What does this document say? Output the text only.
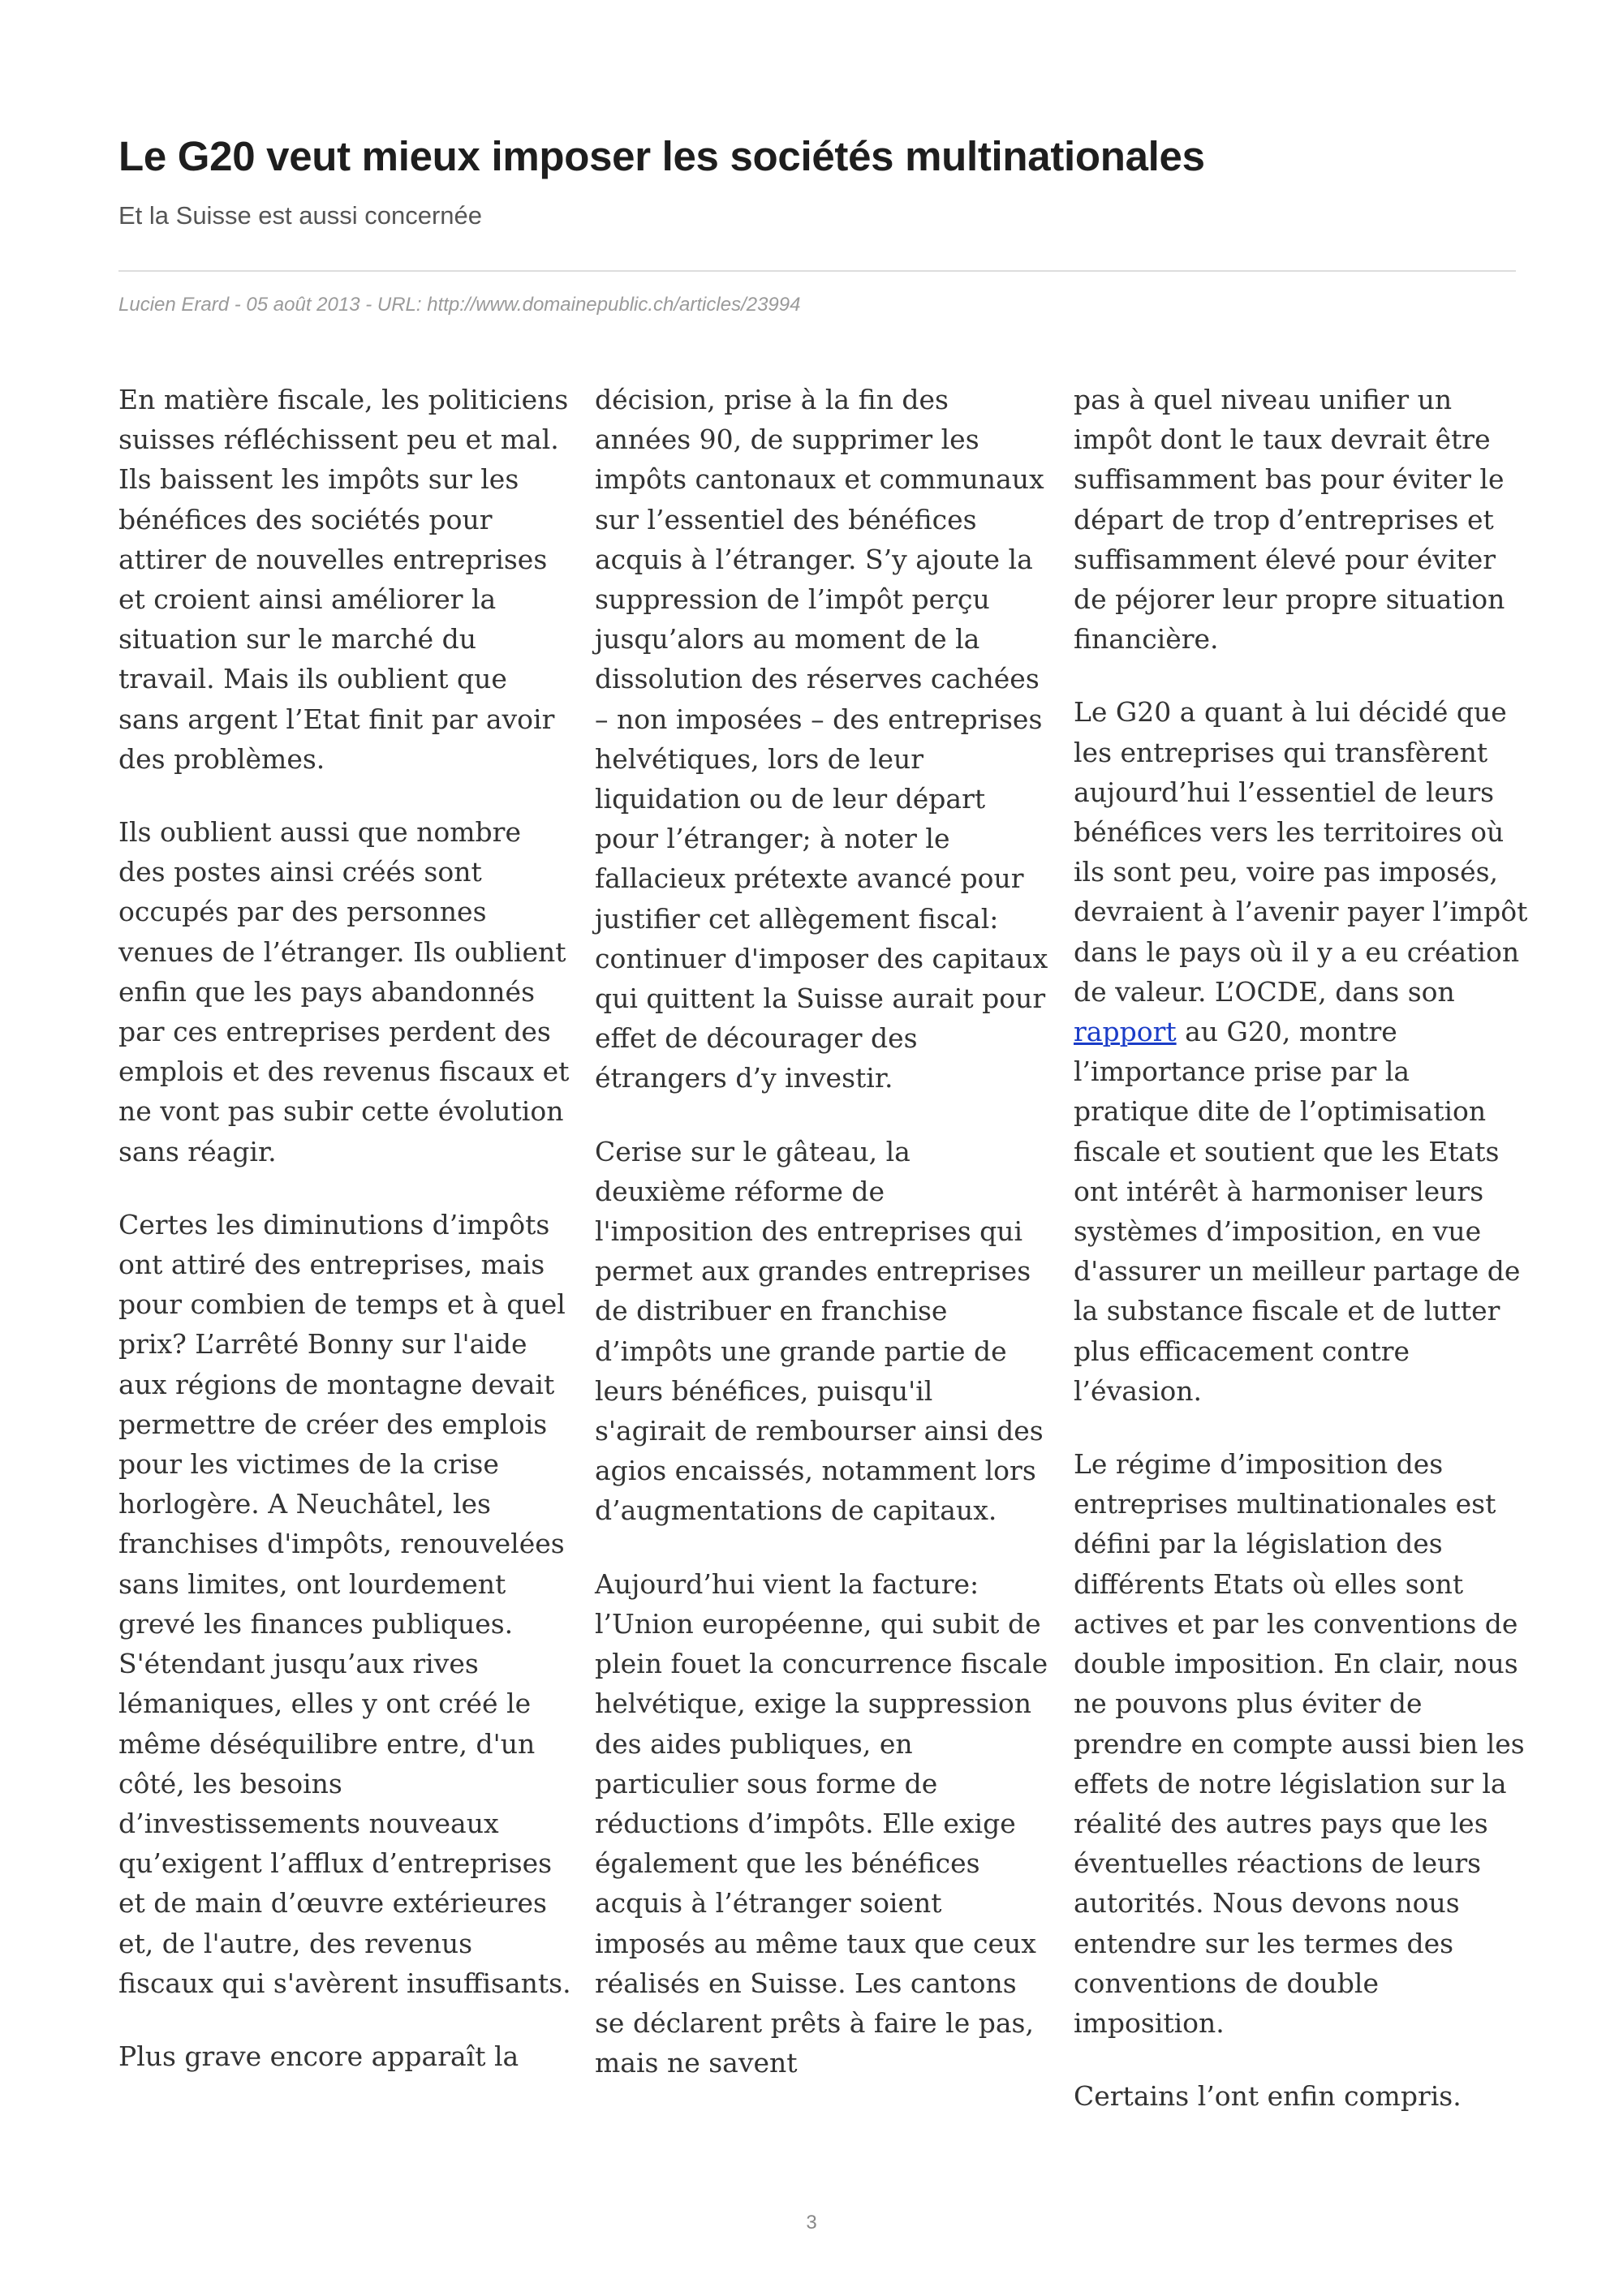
Le G20 veut mieux imposer les sociétés multinationales

Et la Suisse est aussi concernée

Lucien Erard - 05 août 2013 - URL: http://www.domainepublic.ch/articles/23994

En matière fiscale, les politiciens suisses réfléchissent peu et mal. Ils baissent les impôts sur les bénéfices des sociétés pour attirer de nouvelles entreprises et croient ainsi améliorer la situation sur le marché du travail. Mais ils oublient que sans argent l’Etat finit par avoir des problèmes.

Ils oublient aussi que nombre des postes ainsi créés sont occupés par des personnes venues de l’étranger. Ils oublient enfin que les pays abandonnés par ces entreprises perdent des emplois et des revenus fiscaux et ne vont pas subir cette évolution sans réagir.

Certes les diminutions d’impôts ont attiré des entreprises, mais pour combien de temps et à quel prix? L’arrêté Bonny sur l'aide aux régions de montagne devait permettre de créer des emplois pour les victimes de la crise horlogère. A Neuchâtel, les franchises d'impôts, renouvelées sans limites, ont lourdement grevé les finances publiques. S'étendant jusqu’aux rives lémaniques, elles y ont créé le même déséquilibre entre, d'un côté, les besoins d’investissements nouveaux qu’exigent l’afflux d’entreprises et de main d’œuvre extérieures et, de l'autre, des revenus fiscaux qui s'avèrent insuffisants.

Plus grave encore apparaît la

décision, prise à la fin des années 90, de supprimer les impôts cantonaux et communaux sur l’essentiel des bénéfices acquis à l’étranger. S’y ajoute la suppression de l’impôt perçu jusqu’alors au moment de la dissolution des réserves cachées – non imposées – des entreprises helvétiques, lors de leur liquidation ou de leur départ pour l’étranger; à noter le fallacieux prétexte avancé pour justifier cet allègement fiscal: continuer d'imposer des capitaux qui quittent la Suisse aurait pour effet de décourager des étrangers d’y investir.

Cerise sur le gâteau, la deuxième réforme de l'imposition des entreprises qui permet aux grandes entreprises de distribuer en franchise d’impôts une grande partie de leurs bénéfices, puisqu'il s'agirait de rembourser ainsi des agios encaissés, notamment lors d’augmentations de capitaux.

Aujourd’hui vient la facture: l’Union européenne, qui subit de plein fouet la concurrence fiscale helvétique, exige la suppression des aides publiques, en particulier sous forme de réductions d’impôts. Elle exige également que les bénéfices acquis à l’étranger soient imposés au même taux que ceux réalisés en Suisse. Les cantons se déclarent prêts à faire le pas, mais ne savent

pas à quel niveau unifier un impôt dont le taux devrait être suffisamment bas pour éviter le départ de trop d’entreprises et suffisamment élevé pour éviter de péjorer leur propre situation financière.

Le G20 a quant à lui décidé que les entreprises qui transfèrent aujourd’hui l’essentiel de leurs bénéfices vers les territoires où ils sont peu, voire pas imposés, devraient à l’avenir payer l’impôt dans le pays où il y a eu création de valeur. L’OCDE, dans son rapport au G20, montre l’importance prise par la pratique dite de l’optimisation fiscale et soutient que les Etats ont intérêt à harmoniser leurs systèmes d’imposition, en vue d'assurer un meilleur partage de la substance fiscale et de lutter plus efficacement contre l’évasion.

Le régime d’imposition des entreprises multinationales est défini par la législation des différents Etats où elles sont actives et par les conventions de double imposition. En clair, nous ne pouvons plus éviter de prendre en compte aussi bien les effets de notre législation sur la réalité des autres pays que les éventuelles réactions de leurs autorités. Nous devons nous entendre sur les termes des conventions de double imposition.

Certains l’ont enfin compris.

3
